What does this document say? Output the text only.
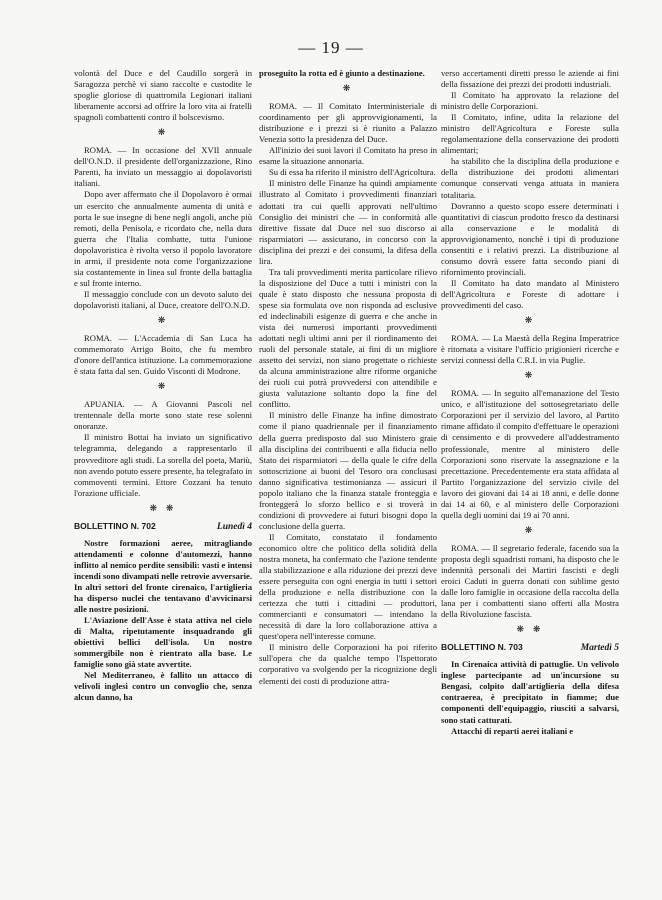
— 19 —

volontà del Duce e del Caudillo sorgerà in Saragozza perchè vi siano raccolte e custodite le spoglie gloriose di quattromila Legionari italiani liberamente accorsi ad offrire la loro vita ai fratelli spagnoli combattenti contro il bolscevismo.

❋

ROMA. — In occasione del XVII annuale dell'O.N.D. il presidente dell'organizzazione, Rino Parenti, ha inviato un messaggio ai dopolavoristi italiani.

Dopo aver affermato che il Dopolavoro è ormai un esercito che annualmente aumenta di unità e porta le sue insegne di bene negli angoli, anche più remoti, della Penisola, e ricordato che, nella dura guerra che l'Italia combatte, tutta l'unione dopolavoristica è rivolta verso il popolo lavoratore in armi, il presidente nota come l'organizzazione sia costantemente in linea sul fronte della battaglia e sul fronte interno.

Il messaggio conclude con un devoto saluto dei dopolavoristi italiani, al Duce, creatore dell'O.N.D.

❋

ROMA. — L'Accademia di San Luca ha commemorato Arrigo Boito, che fu membro d'onore dell'antica istituzione. La commemorazione è stata fatta dal sen. Guido Visconti di Modrone.

❋

APUANIA. — A Giovanni Pascoli nel trentennale della morte sono state rese solenni onoranze.

Il ministro Bottai ha inviato un significativo telegramma, delegando a rappresentarlo il provveditore agli studi. La sorella del poeta, Mariù, non avendo potuto essere presente, ha telegrafato in commoventi termini. Ettore Cozzani ha tenuto l'orazione ufficiale.

❋ ❋
BOLLETTINO N. 702	Lunedì 4

Nostre formazioni aeree, mitragliando attendamenti e colonne d'automezzi, hanno inflitto al nemico perdite sensibili: vasti e intensi incendi sono divampati nelle retrovie avversarie. In altri settori del fronte cirenaico, l'artiglieria ha disperso nuclei che tentavano d'avvicinarsi alle nostre posizioni.

L'Aviazione dell'Asse è stata attiva nel cielo di Malta, ripetutamente insquadrando gli obiettivi bellici dell'isola. Un nostro sommergibile non è rientrato alla base. Le famiglie sono già state avvertite.

Nel Mediterraneo, è fallito un attacco di velivoli inglesi contro un convoglio che, senza alcun danno, ha

proseguito la rotta ed è giunto a destinazione.

❋

ROMA. — Il Comitato Interministeriale di coordinamento per gli approvvigionamenti, la distribuzione e i prezzi si è riunito a Palazzo Venezia sotto la presidenza del Duce.

All'inizio dei suoi lavori il Comitato ha preso in esame la situazione annonaria.

Su di essa ha riferito il ministro dell'Agricoltura.

Il ministro delle Finanze ha quindi ampiamente illustrato al Comitato i provvedimenti finanziari adottati tra cui quelli approvati nell'ultimo Consiglio dei ministri che — in conformità alle direttive fissate dal Duce nel suo discorso ai risparmiatori — assicurano, in concorso con la disciplina dei prezzi e dei consumi, la difesa della lira.

Tra tali provvedimenti merita particolare rilievo la disposizione del Duce a tutti i ministri con la quale è stato disposto che nessuna proposta di spese sia formulata ove non risponda ad esclusive ed indeclinabili esigenze di guerra e che anche in vista dei numerosi importanti provvedimenti adottati negli ultimi anni per il riordinamento dei ruoli del personale statale, ai fini di un migliore assetto dei servizi, non siano progettate o richieste da alcuna amministrazione altre riforme organiche dei ruoli cui potrà provvedersi con attendibile e giusta valutazione soltanto dopo la fine del conflitto.

Il ministro delle Finanze ha infine dimostrato come il piano quadriennale per il finanziamento della guerra predisposto dal suo Ministero graie alla disciplina dei contribuenti e alla fiducia nello Stato dei risparmiatori — della quale le cifre della sottoscrizione ai buoni del Tesoro ora conclusasi danno significativa testimonianza — assicuri il popolo italiano che la finanza statale fronteggia e fronteggerà lo sforzo bellico e si troverà in condizioni di provvedere ai futuri bisogni dopo la conclusione della guerra.

Il Comitato, constatato il fondamento economico oltre che politico della solidità della nostra moneta, ha confermato che l'azione tendente alla stabilizzazione e alla riduzione dei prezzi deve essere perseguita con ogni energia in tutti i settori della produzione e nella distribuzione con la certezza che tutti i cittadini — produttori, commercianti e consumatori — intendano la necessità di dare la loro collaborazione attiva a quest'opera nell'interesse comune.

Il ministro delle Corporazioni ha poi riferito sull'opera che da qualche tempo l'Ispettorato corporativo va svolgendo per la ricognizione degli elementi dei costi di produzione attra-

verso accertamenti diretti presso le aziende ai fini della fissazione dei prezzi dei prodotti industriali.

Il Comitato ha approvato la relazione del ministro delle Corporazioni.

Il Comitato, infine, udita la relazione del ministro dell'Agricoltura e Foreste sulla regolamentazione della conservazione dei prodotti alimentari;

ha stabilito che la disciplina della produzione e della distribuzione dei prodotti alimentari comunque conservati venga attuata in maniera totalitaria.

Dovranno a questo scopo essere determinati i quantitativi di ciascun prodotto fresco da destinarsi alla conservazione e le modalità di approvvigionamento, nonchè i tipi di produzione consentiti e i relativi prezzi. La distribuzione al consumo dovrà essere fatta secondo piani di rifornimento provinciali.

Il Comitato ha dato mandato al Ministero dell'Agricoltura e Foreste di adottare i provvedimenti del caso.

❋

ROMA. — La Maestà della Regina Imperatrice è ritornata a visitare l'ufficio prigionieri ricerche e servizi connessi della C.R.I. in via Puglie.

❋

ROMA. — In seguito all'emanazione del Testo unico, e all'istituzione del sottosegretariato delle Corporazioni per il servizio del lavoro, al Partito rimane affidato il compito d'effettuare le operazioni di censimento e di provvedere all'addestramento professionale, mentre al ministero delle Corporazioni sono riservate la assegnazione e la precettazione. Precedentemente era stata affidata al Partito l'organizzazione del servizio civile del lavoro dei giovani dai 14 ai 18 anni, e delle donne dai 14 ai 60, e al ministero delle Corporazioni quella degli uomini dai 19 ai 70 anni.

❋

ROMA. — Il segretario federale, facendo sua la proposta degli squadristi romani, ha disposto che le indennità personali dei Martiri fascisti e degli eroici Caduti in guerra donati con sublime gesto dalle loro famiglie in occasione della raccolta della lana per i combattenti siano offerti alla Mostra della Rivoluzione fascista.

❋ ❋
BOLLETTINO N. 703	Martedì 5

In Cirenaica attività di pattuglie. Un velivolo inglese partecipante ad un'incursione su Bengasi, colpito dall'artiglieria della difesa contraerea, è precipitato in fiamme; due componenti dell'equipaggio, riusciti a salvarsi, sono stati catturati.

Attacchi di reparti aerei italiani e
